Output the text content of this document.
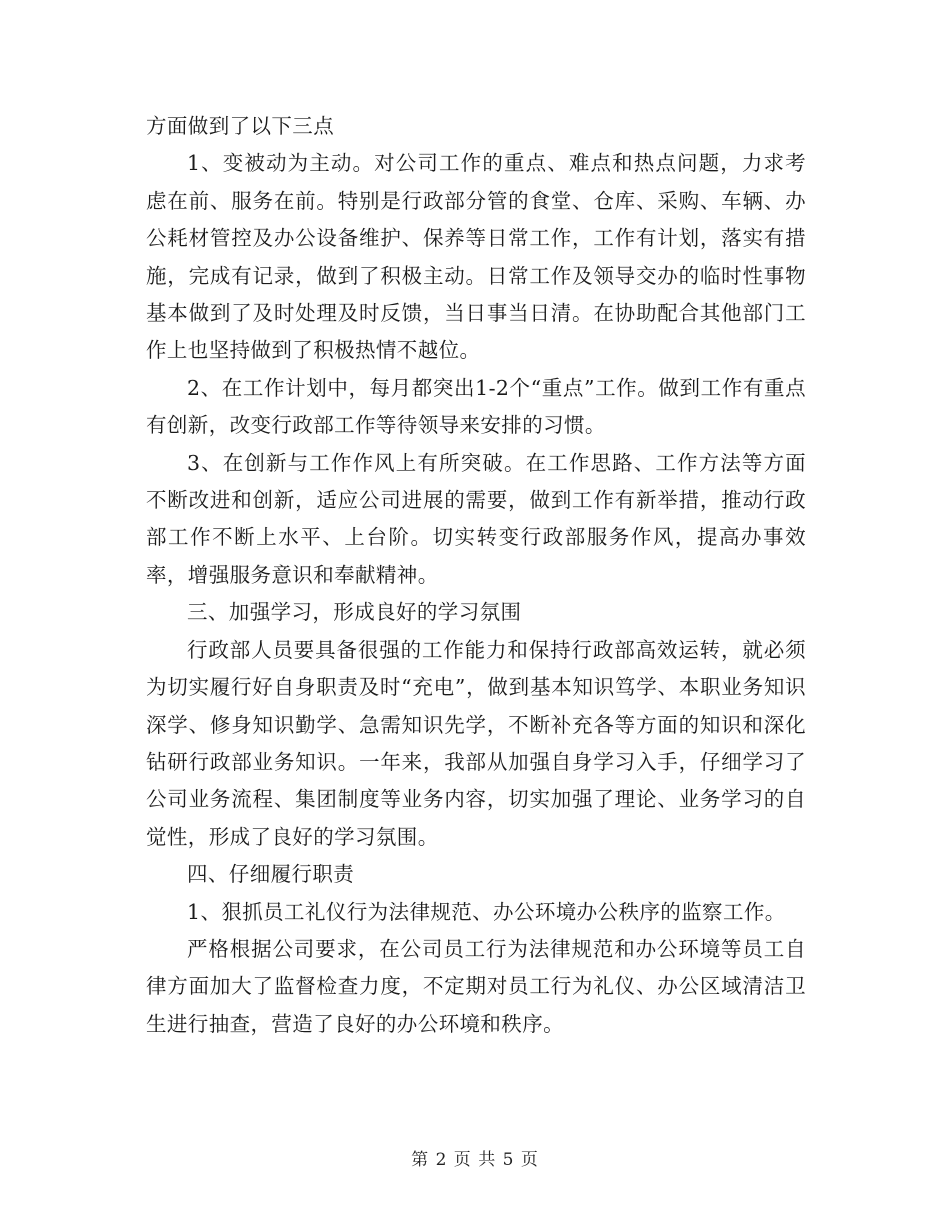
方面做到了以下三点

1、变被动为主动。对公司工作的重点、难点和热点问题，力求考虑在前、服务在前。特别是行政部分管的食堂、仓库、采购、车辆、办公耗材管控及办公设备维护、保养等日常工作，工作有计划，落实有措施，完成有记录，做到了积极主动。日常工作及领导交办的临时性事物基本做到了及时处理及时反馈，当日事当日清。在协助配合其他部门工作上也坚持做到了积极热情不越位。

2、在工作计划中，每月都突出1-2个“重点”工作。做到工作有重点有创新，改变行政部工作等待领导来安排的习惯。

3、在创新与工作作风上有所突破。在工作思路、工作方法等方面不断改进和创新，适应公司进展的需要，做到工作有新举措，推动行政部工作不断上水平、上台阶。切实转变行政部服务作风，提高办事效率，增强服务意识和奉献精神。

三、加强学习，形成良好的学习氛围

行政部人员要具备很强的工作能力和保持行政部高效运转，就必须为切实履行好自身职责及时“充电”，做到基本知识笃学、本职业务知识深学、修身知识勤学、急需知识先学，不断补充各等方面的知识和深化钻研行政部业务知识。一年来，我部从加强自身学习入手，仔细学习了公司业务流程、集团制度等业务内容，切实加强了理论、业务学习的自觉性，形成了良好的学习氛围。

四、仔细履行职责

1、狠抓员工礼仪行为法律规范、办公环境办公秩序的监察工作。

严格根据公司要求，在公司员工行为法律规范和办公环境等员工自律方面加大了监督检查力度，不定期对员工行为礼仪、办公区域清洁卫生进行抽查，营造了良好的办公环境和秩序。

第 2 页 共 5 页
